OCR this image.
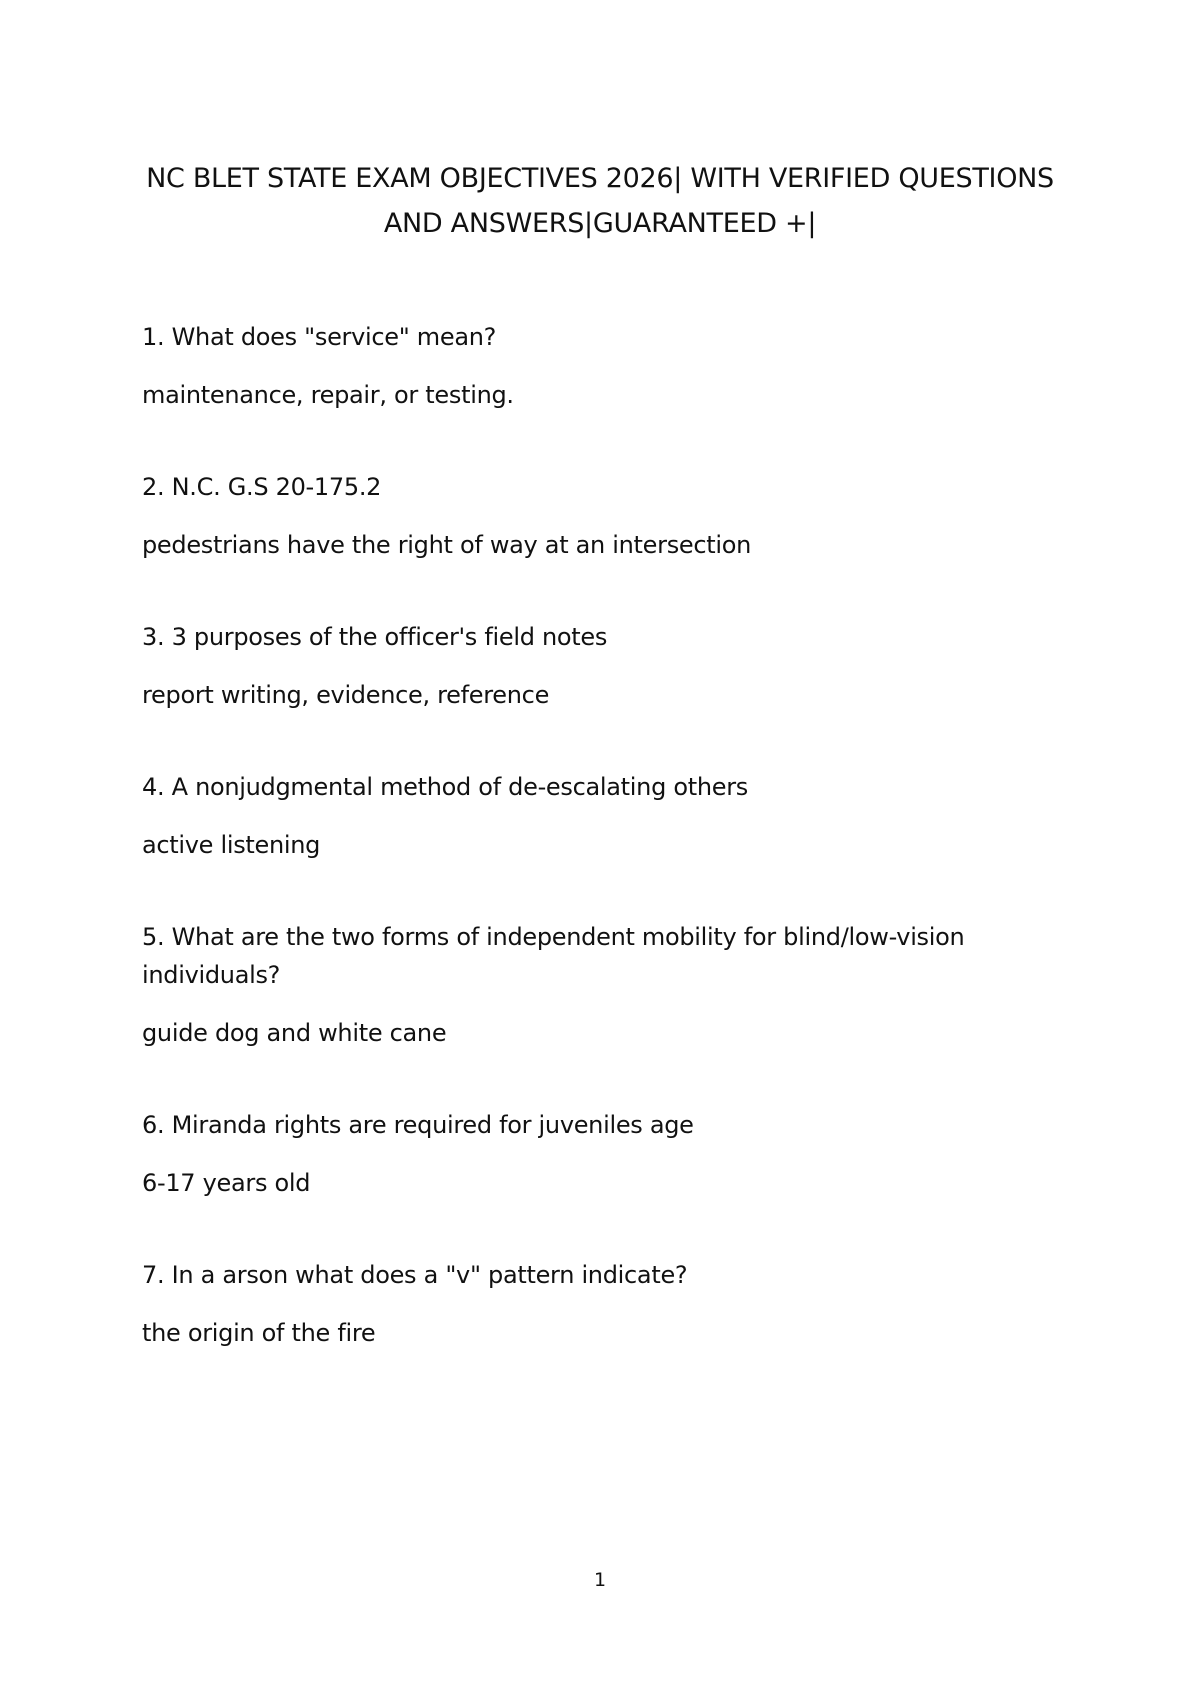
NC BLET STATE EXAM OBJECTIVES 2026| WITH VERIFIED QUESTIONS
AND ANSWERS|GUARANTEED +|

1. What does "service" mean?

maintenance, repair, or testing.

2. N.C. G.S 20-175.2

pedestrians have the right of way at an intersection

3. 3 purposes of the officer's field notes

report writing, evidence, reference

4. A nonjudgmental method of de-escalating others

active listening

5. What are the two forms of independent mobility for blind/low-vision individuals?

guide dog and white cane

6. Miranda rights are required for juveniles age

6-17 years old

7. In a arson what does a "v" pattern indicate?

the origin of the fire

1
